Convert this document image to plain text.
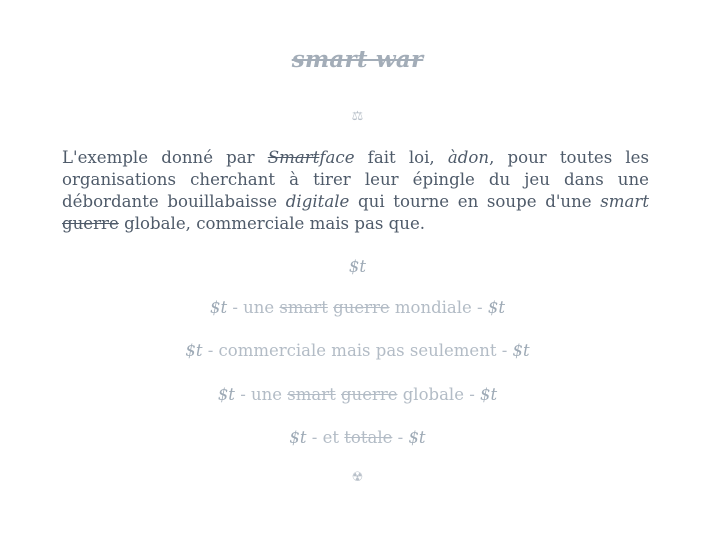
smart war
⚖

L'exemple donné par Smartface fait loi, àdon, pour toutes les organisations cherchant à tirer leur épingle du jeu dans une débordante bouillabaisse digitale qui tourne en soupe d'une smart guerre globale, commerciale mais pas que.

$t
$t - une smart guerre mondiale - $t
$t - commerciale mais pas seulement - $t
$t - une smart guerre globale - $t
$t - et totale - $t
☢
